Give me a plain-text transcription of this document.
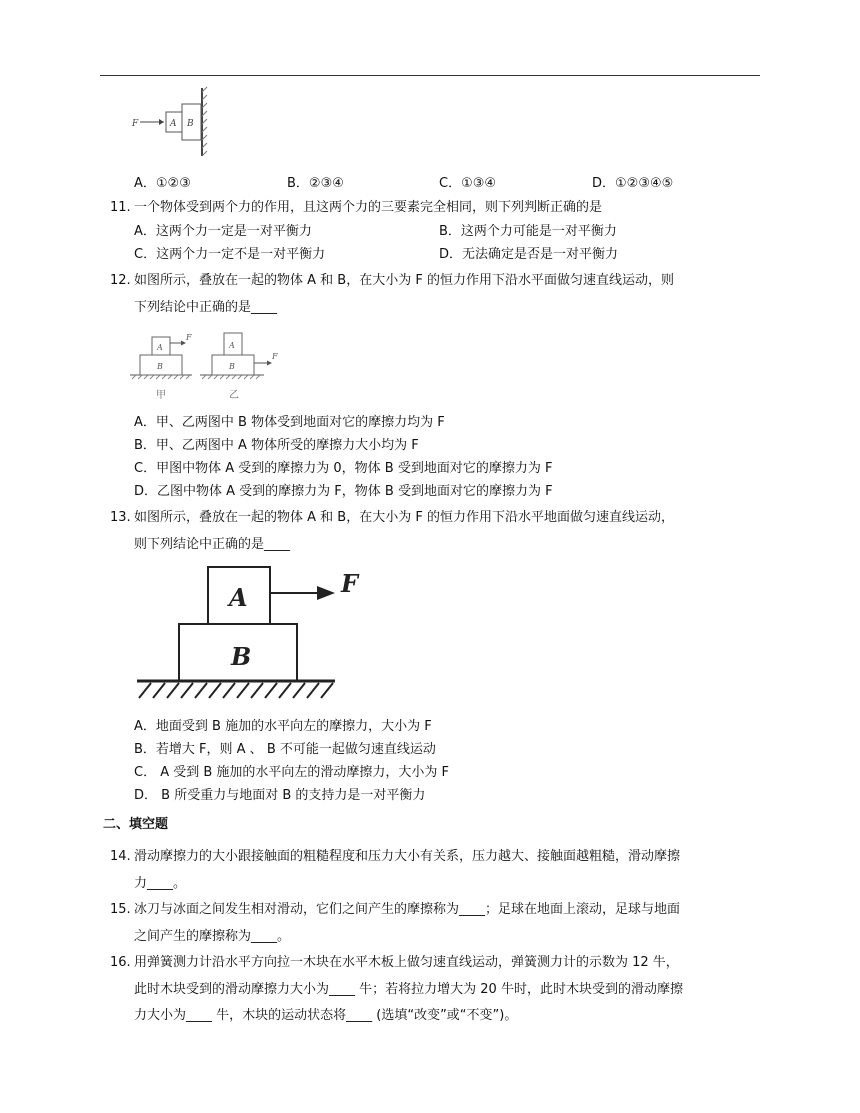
F	A B
A．①②③	B．②③④	C．①③④	D．①②③④⑤
11. 一个物体受到两个力的作用，且这两个力的三要素完全相同，则下列判断正确的是
A．这两个力一定是一对平衡力	B．这两个力可能是一对平衡力
C．这两个力一定不是一对平衡力	D．无法确定是否是一对平衡力
12. 如图所示，叠放在一起的物体 A 和 B，在大小为 F 的恒力作用下沿水平面做匀速直线运动，则
下列结论中正确的是____
A
B
F
甲
A
B
F
乙
A．甲、乙两图中 B 物体受到地面对它的摩擦力均为 F
B．甲、乙两图中 A 物体所受的摩擦力大小均为 F
C．甲图中物体 A 受到的摩擦力为 0，物体 B 受到地面对它的摩擦力为 F
D．乙图中物体 A 受到的摩擦力为 F，物体 B 受到地面对它的摩擦力为 F
13. 如图所示，叠放在一起的物体 A 和 B，在大小为 F 的恒力作用下沿水平地面做匀速直线运动，
则下列结论中正确的是____
A
B
F
A．地面受到 B 施加的水平向左的摩擦力，大小为 F
B．若增大 F，则 A 、 B 不可能一起做匀速直线运动
C． A 受到 B 施加的水平向左的滑动摩擦力，大小为 F
D． B 所受重力与地面对 B 的支持力是一对平衡力
二、填空题
14. 滑动摩擦力的大小跟接触面的粗糙程度和压力大小有关系，压力越大、接触面越粗糙，滑动摩擦
力____。
15. 冰刀与冰面之间发生相对滑动，它们之间产生的摩擦称为____；足球在地面上滚动，足球与地面
之间产生的摩擦称为____。
16. 用弹簧测力计沿水平方向拉一木块在水平木板上做匀速直线运动，弹簧测力计的示数为 12 牛，
此时木块受到的滑动摩擦力大小为____ 牛；若将拉力增大为 20 牛时，此时木块受到的滑动摩擦
力大小为____ 牛，木块的运动状态将____ (选填“改变”或“不变”)。
